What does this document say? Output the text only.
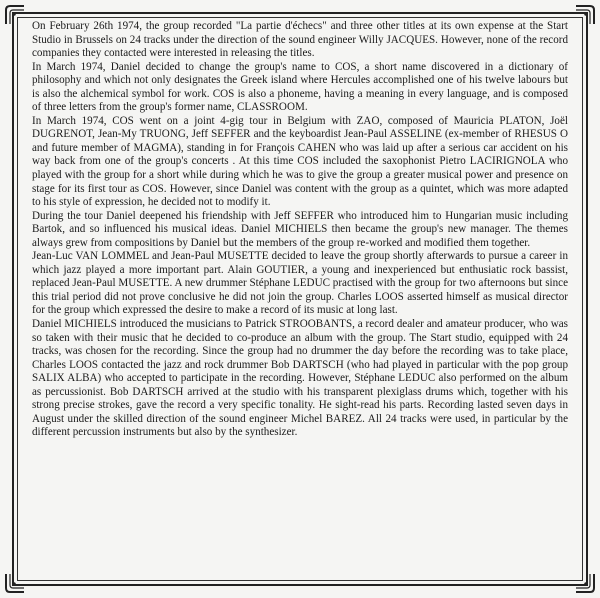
On February 26th 1974, the group recorded "La partie d'échecs" and three other titles at its own expense at the Start Studio in Brussels on 24 tracks under the direction of the sound engineer Willy JACQUES. However, none of the record companies they contacted were interested in releasing the titles.

In March 1974, Daniel decided to change the group's name to COS, a short name discovered in a dictionary of philosophy and which not only designates the Greek island where Hercules accomplished one of his twelve labours but is also the alchemical symbol for work. COS is also a phoneme, having a meaning in every language, and is composed of three letters from the group's former name, CLASSROOM.

In March 1974, COS went on a joint 4-gig tour in Belgium with ZAO, composed of Mauricia PLATON, Joël DUGRENOT, Jean-My TRUONG, Jeff SEFFER and the keyboardist Jean-Paul ASSELINE (ex-member of RHESUS O and future member of MAGMA), standing in for François CAHEN who was laid up after a serious car accident on his way back from one of the group's concerts . At this time COS included the saxophonist Pietro LACIRIGNOLA who played with the group for a short while during which he was to give the group a greater musical power and presence on stage for its first tour as COS. However, since Daniel was content with the group as a quintet, which was more adapted to his style of expression, he decided not to modify it.

During the tour Daniel deepened his friendship with Jeff SEFFER who introduced him to Hungarian music including Bartok, and so influenced his musical ideas. Daniel MICHIELS then became the group's new manager. The themes always grew from compositions by Daniel but the members of the group re-worked and modified them together.

Jean-Luc VAN LOMMEL and Jean-Paul MUSETTE decided to leave the group shortly afterwards to pursue a career in which jazz played a more important part. Alain GOUTIER, a young and inexperienced but enthusiatic rock bassist, replaced Jean-Paul MUSETTE. A new drummer Stéphane LEDUC practised with the group for two afternoons but since this trial period did not prove conclusive he did not join the group. Charles LOOS asserted himself as musical director for the group which expressed the desire to make a record of its music at long last.

Daniel MICHIELS introduced the musicians to Patrick STROOBANTS, a record dealer and amateur producer, who was so taken with their music that he decided to co-produce an album with the group. The Start studio, equipped with 24 tracks, was chosen for the recording. Since the group had no drummer the day before the recording was to take place, Charles LOOS contacted the jazz and rock drummer Bob DARTSCH (who had played in particular with the pop group SALIX ALBA) who accepted to participate in the recording. However, Stéphane LEDUC also performed on the album as percussionist. Bob DARTSCH arrived at the studio with his transparent plexiglass drums which, together with his strong precise strokes, gave the record a very specific tonality. He sight-read his parts. Recording lasted seven days in August under the skilled direction of the sound engineer Michel BAREZ. All 24 tracks were used, in particular by the different percussion instruments but also by the synthesizer.
